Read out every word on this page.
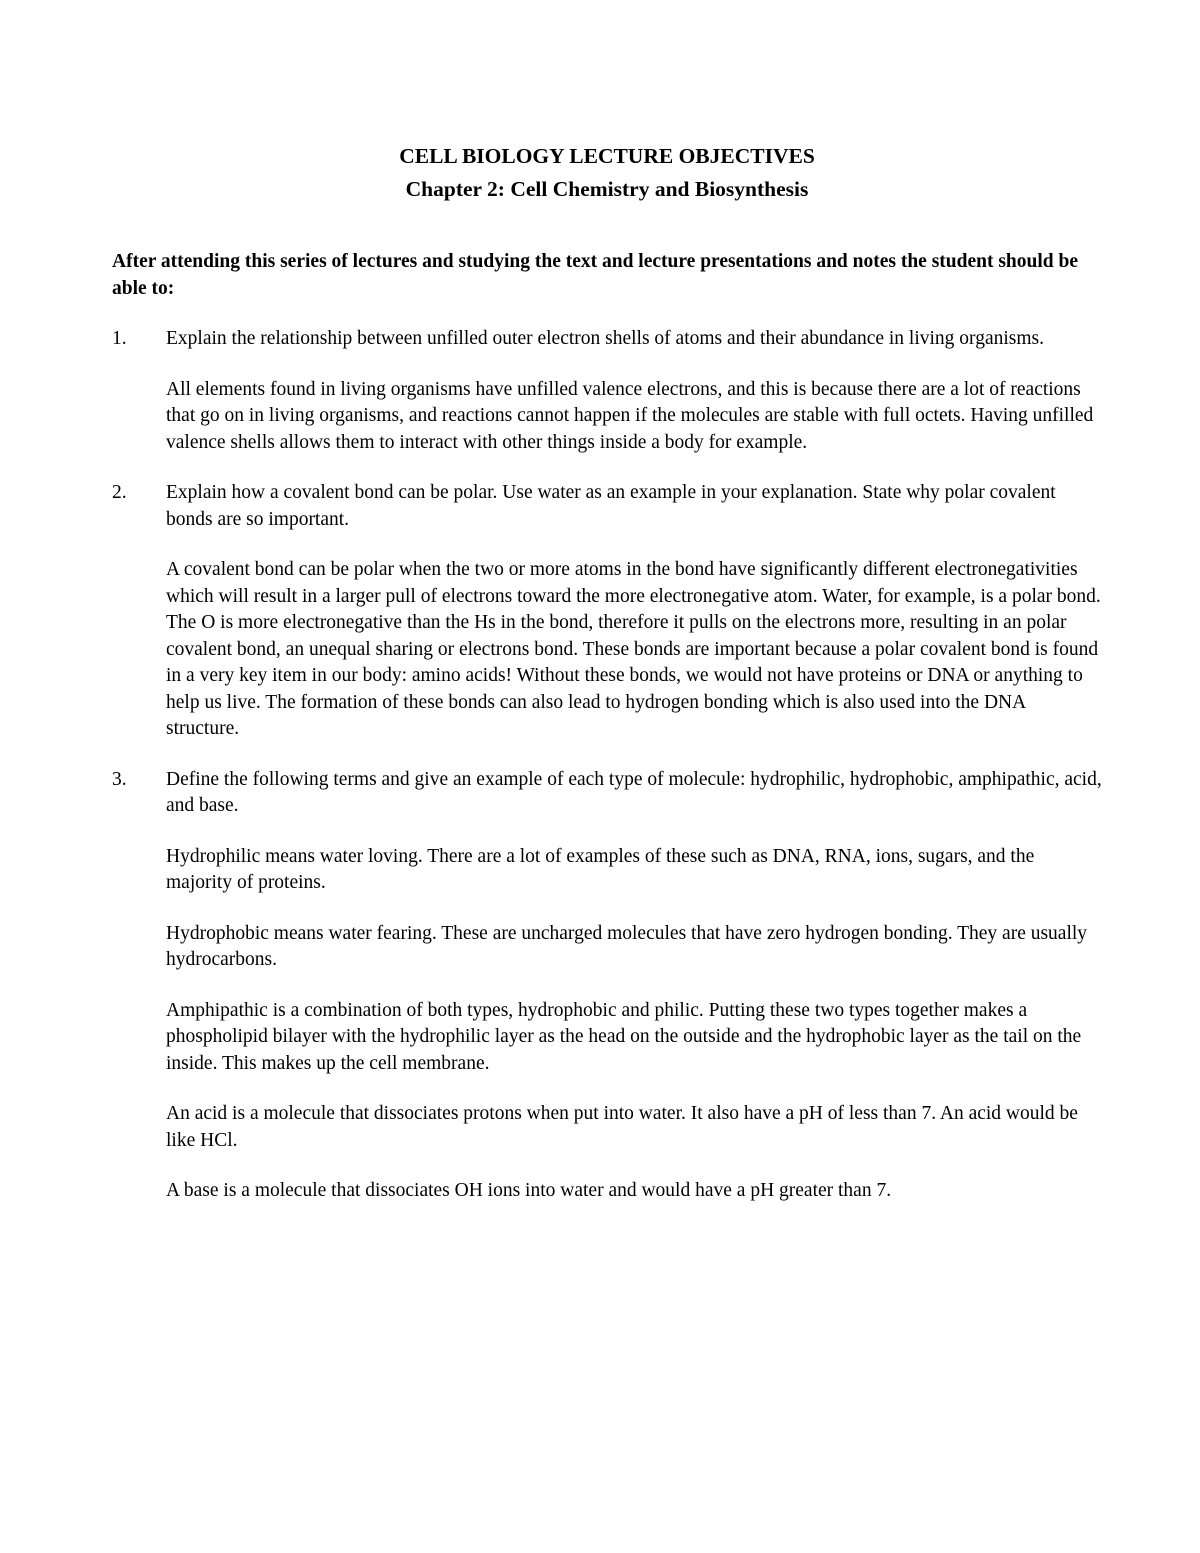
CELL BIOLOGY LECTURE OBJECTIVES
Chapter 2: Cell Chemistry and Biosynthesis
After attending this series of lectures and studying the text and lecture presentations and notes the student should be able to:
1.	Explain the relationship between unfilled outer electron shells of atoms and their abundance in living organisms.

All elements found in living organisms have unfilled valence electrons, and this is because there are a lot of reactions that go on in living organisms, and reactions cannot happen if the molecules are stable with full octets. Having unfilled valence shells allows them to interact with other things inside a body for example.

2.	Explain how a covalent bond can be polar. Use water as an example in your explanation. State why polar covalent bonds are so important.

A covalent bond can be polar when the two or more atoms in the bond have significantly different electronegativities which will result in a larger pull of electrons toward the more electronegative atom. Water, for example, is a polar bond. The O is more electronegative than the Hs in the bond, therefore it pulls on the electrons more, resulting in an polar covalent bond, an unequal sharing or electrons bond. These bonds are important because a polar covalent bond is found in a very key item in our body: amino acids! Without these bonds, we would not have proteins or DNA or anything to help us live. The formation of these bonds can also lead to hydrogen bonding which is also used into the DNA structure.

3.	Define the following terms and give an example of each type of molecule: hydrophilic, hydrophobic, amphipathic, acid, and base.

Hydrophilic means water loving. There are a lot of examples of these such as DNA, RNA, ions, sugars, and the majority of proteins.

Hydrophobic means water fearing. These are uncharged molecules that have zero hydrogen bonding. They are usually hydrocarbons.

Amphipathic is a combination of both types, hydrophobic and philic. Putting these two types together makes a phospholipid bilayer with the hydrophilic layer as the head on the outside and the hydrophobic layer as the tail on the inside. This makes up the cell membrane.

An acid is a molecule that dissociates protons when put into water. It also have a pH of less than 7. An acid would be like HCl.

A base is a molecule that dissociates OH ions into water and would have a pH greater than 7.
